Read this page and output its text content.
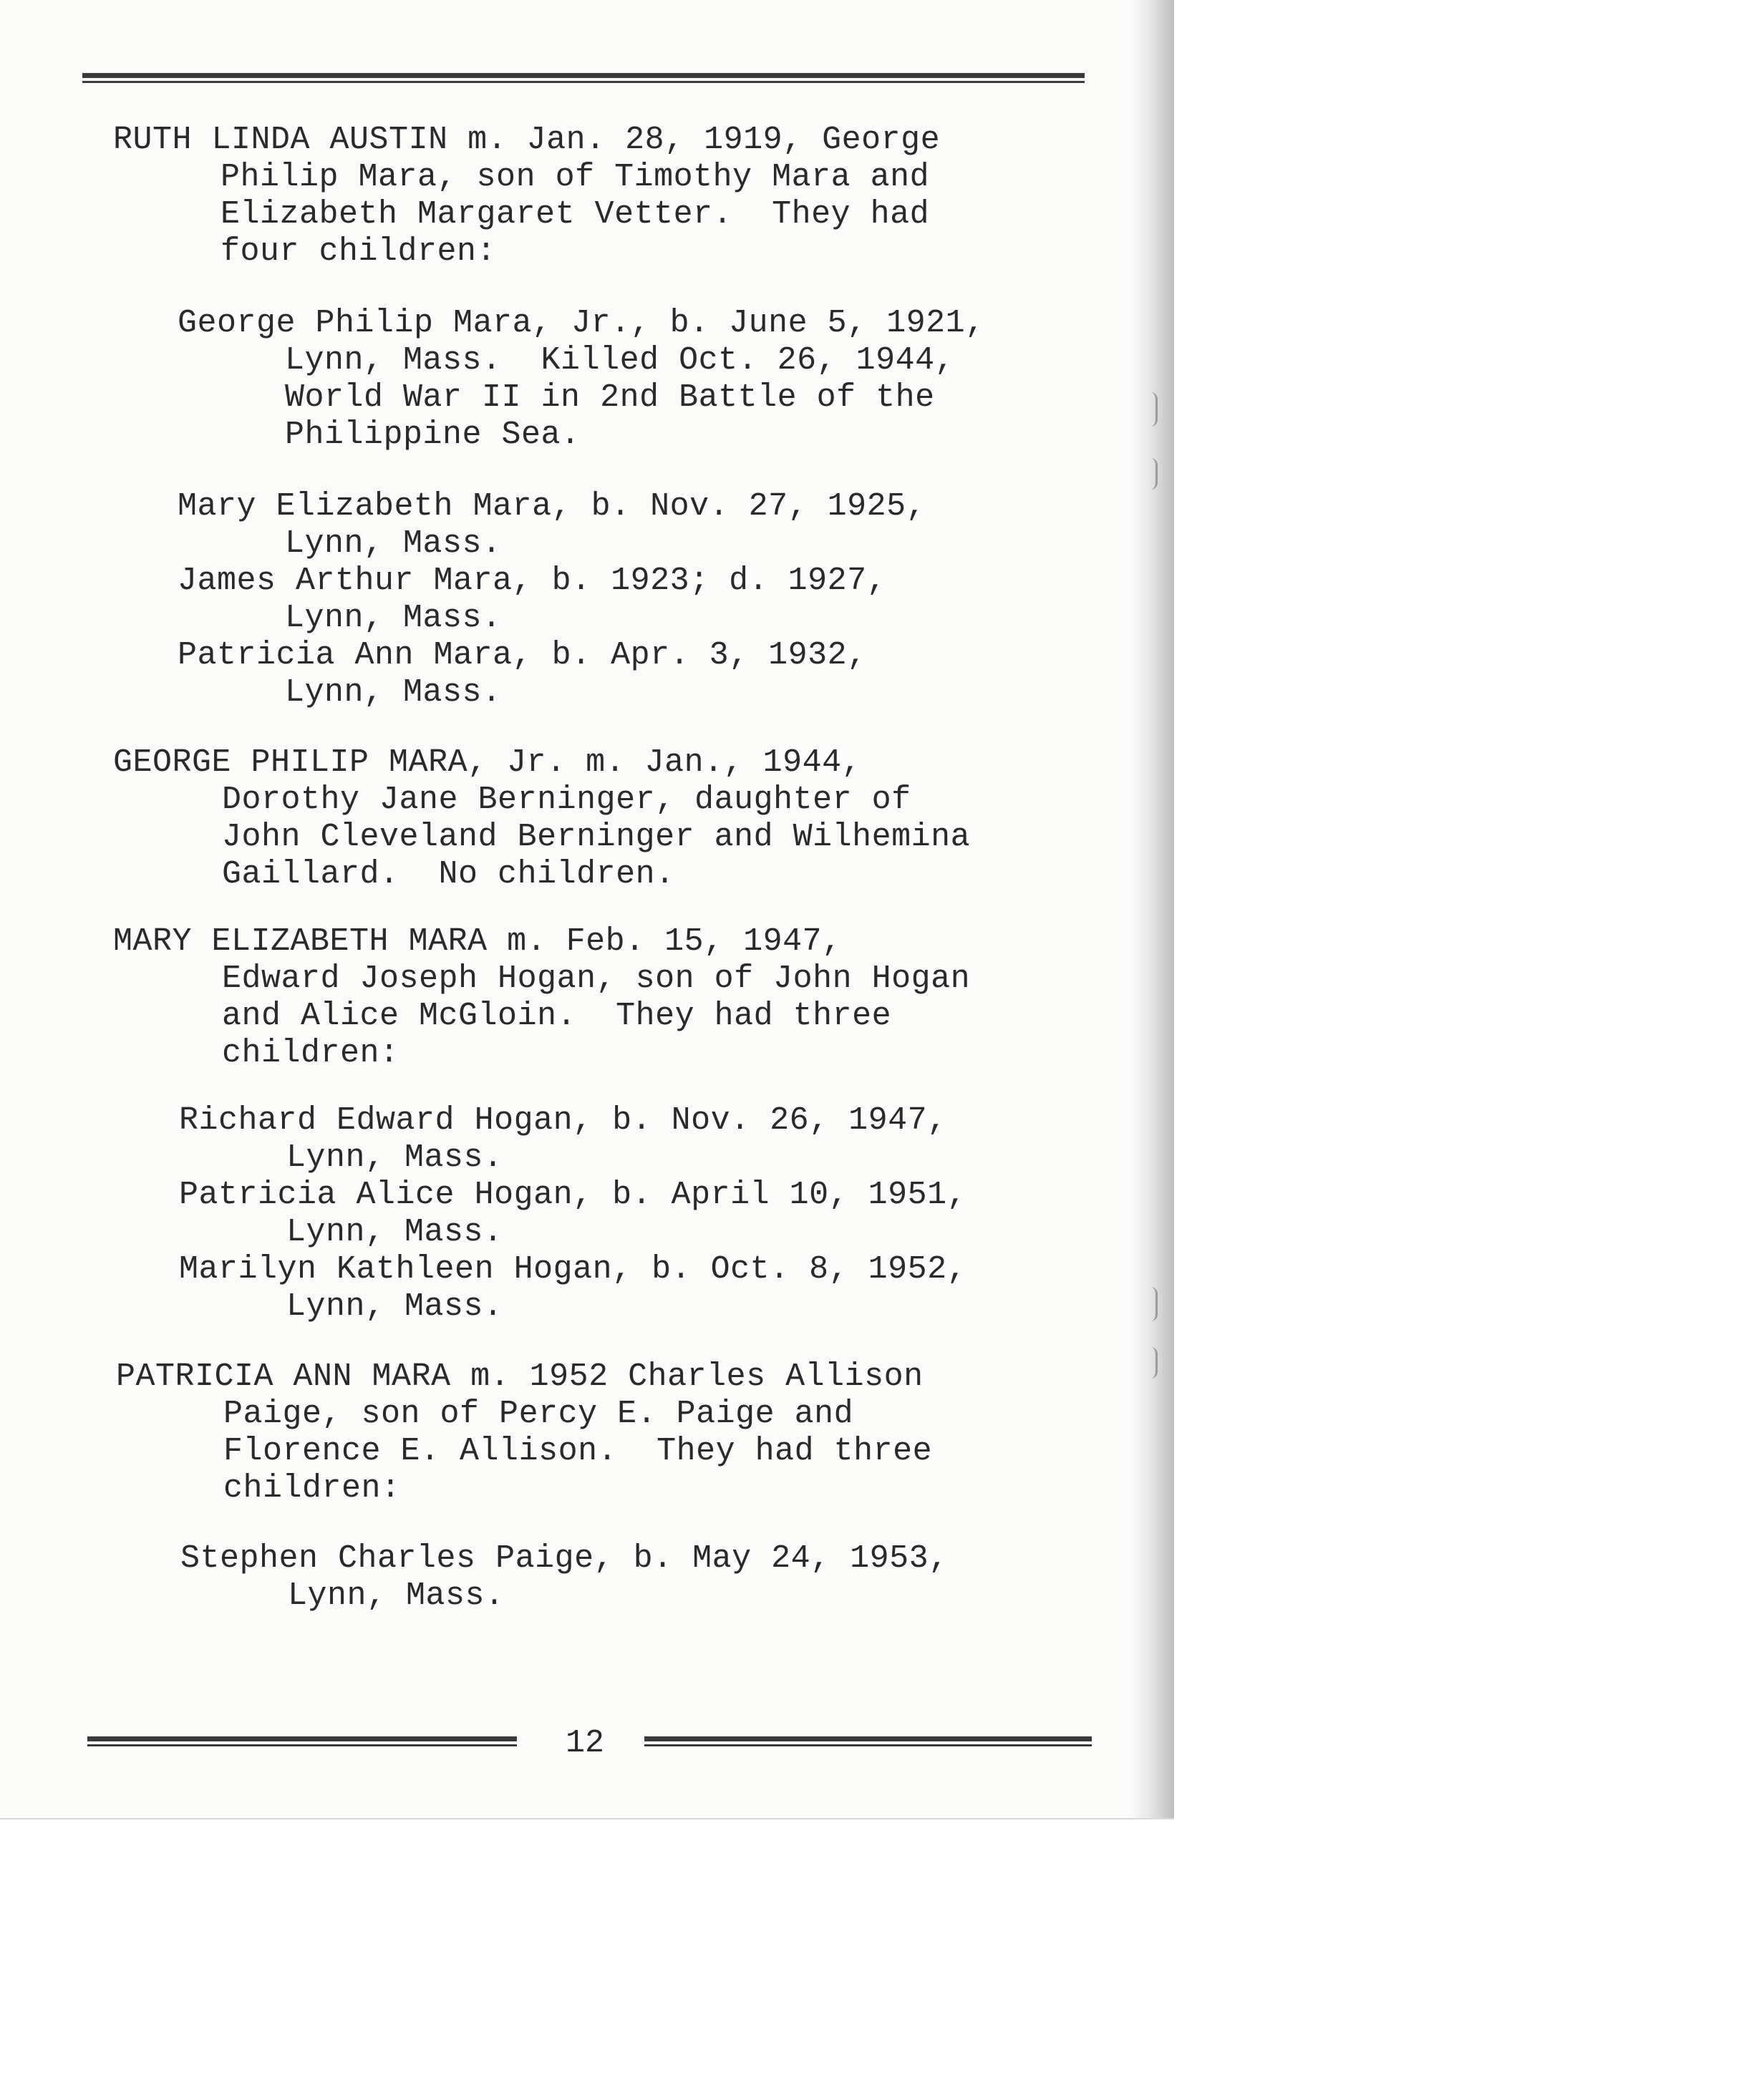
RUTH LINDA AUSTIN m. Jan. 28, 1919, George
Philip Mara, son of Timothy Mara and
Elizabeth Margaret Vetter.  They had
four children:
George Philip Mara, Jr., b. June 5, 1921,
Lynn, Mass.  Killed Oct. 26, 1944,
World War II in 2nd Battle of the
Philippine Sea.
Mary Elizabeth Mara, b. Nov. 27, 1925,
Lynn, Mass.
James Arthur Mara, b. 1923; d. 1927,
Lynn, Mass.
Patricia Ann Mara, b. Apr. 3, 1932,
Lynn, Mass.
GEORGE PHILIP MARA, Jr. m. Jan., 1944,
Dorothy Jane Berninger, daughter of
John Cleveland Berninger and Wilhemina
Gaillard.  No children.
MARY ELIZABETH MARA m. Feb. 15, 1947,
Edward Joseph Hogan, son of John Hogan
and Alice McGloin.  They had three
children:
Richard Edward Hogan, b. Nov. 26, 1947,
Lynn, Mass.
Patricia Alice Hogan, b. April 10, 1951,
Lynn, Mass.
Marilyn Kathleen Hogan, b. Oct. 8, 1952,
Lynn, Mass.
PATRICIA ANN MARA m. 1952 Charles Allison
Paige, son of Percy E. Paige and
Florence E. Allison.  They had three
children:
Stephen Charles Paige, b. May 24, 1953,
Lynn, Mass.
12
